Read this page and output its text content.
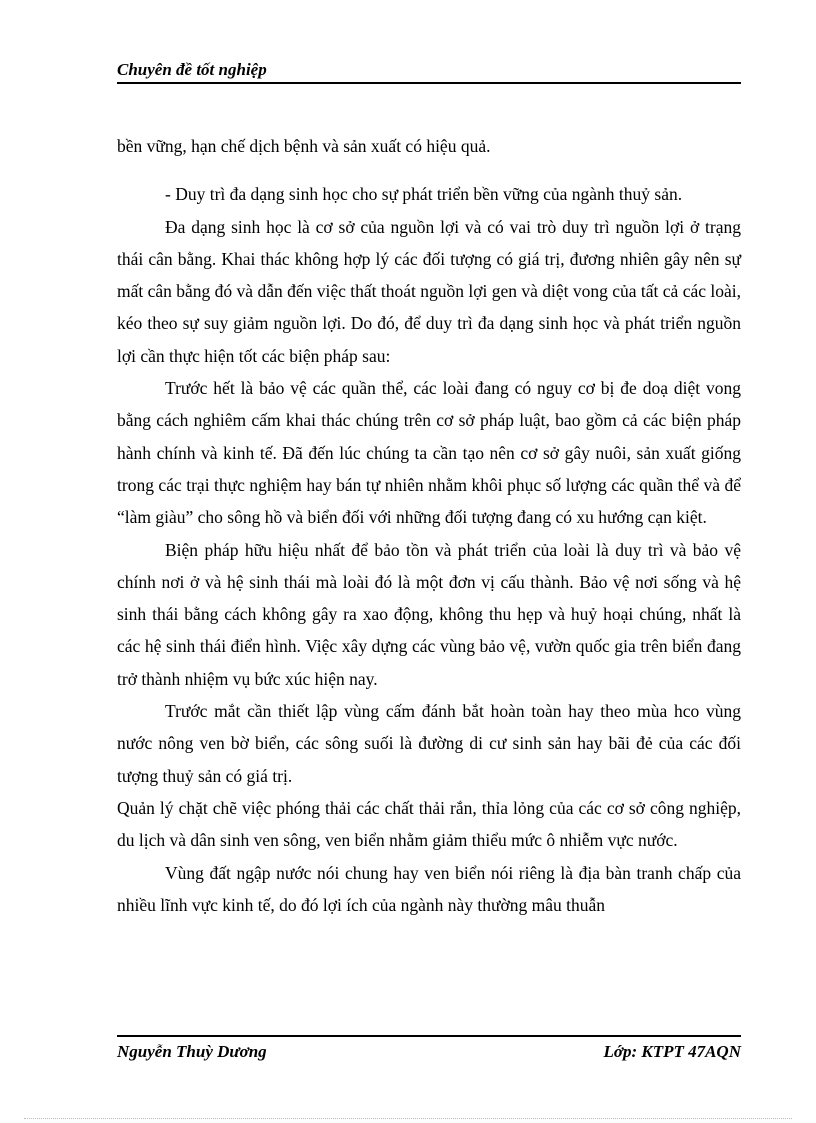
Chuyên đề tốt nghiệp

bền vững, hạn chế dịch bệnh và sản xuất có hiệu quả.

- Duy trì đa dạng sinh học cho sự phát triển bền vững của ngành thuỷ sản.

Đa dạng sinh học là cơ sở của nguồn lợi và có vai trò duy trì nguồn lợi ở trạng thái cân bằng. Khai thác không hợp lý các đối tượng có giá trị, đương nhiên gây nên sự mất cân bằng đó và dẫn đến việc thất thoát nguồn lợi gen và diệt vong của tất cả các loài, kéo theo sự suy giảm nguồn lợi. Do đó, để duy trì đa dạng sinh học và phát triển nguồn lợi cần thực hiện tốt các biện pháp sau:

Trước hết là bảo vệ các quần thể, các loài đang có nguy cơ bị đe doạ diệt vong bằng cách nghiêm cấm khai thác chúng trên cơ sở pháp luật, bao gồm cả các biện pháp hành chính và kinh tế. Đã đến lúc chúng ta cần tạo nên cơ sở gây nuôi, sản xuất giống trong các trại thực nghiệm hay bán tự nhiên nhằm khôi phục số lượng các quần thể và để “làm giàu” cho sông hồ và biển đối với những đối tượng đang có xu hướng cạn kiệt.

Biện pháp hữu hiệu nhất để bảo tồn và phát triển của loài là duy trì và bảo vệ chính nơi ở và hệ sinh thái mà loài đó là một đơn vị cấu thành. Bảo vệ nơi sống và hệ sinh thái bằng cách không gây ra xao động, không thu hẹp và huỷ hoại chúng, nhất là các hệ sinh thái điển hình. Việc xây dựng các vùng bảo vệ, vườn quốc gia trên biển đang trở thành nhiệm vụ bức xúc hiện nay.

Trước mắt cần thiết lập vùng cấm đánh bắt hoàn toàn hay theo mùa hco vùng nước nông ven bờ biển, các sông suối là đường di cư sinh sản hay bãi đẻ của các đối tượng thuỷ sản có giá trị.

Quản lý chặt chẽ việc phóng thải các chất thải rắn, thỉa lỏng của các cơ sở công nghiệp, du lịch và dân sinh ven sông, ven biển nhằm giảm thiểu mức ô nhiễm vực nước.

Vùng đất ngập nước nói chung hay ven biển nói riêng là địa bàn tranh chấp của nhiều lĩnh vực kinh tế, do đó lợi ích của ngành này thường mâu thuẫn

Nguyễn Thuỳ Dương	Lớp: KTPT 47AQN
